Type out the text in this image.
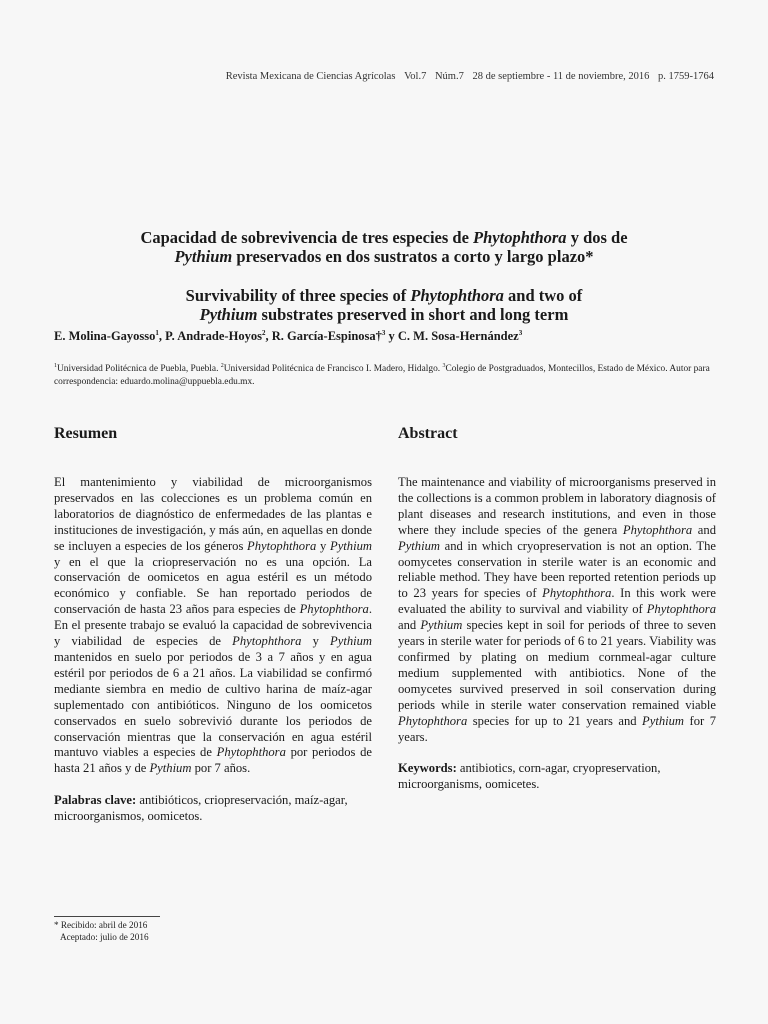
Revista Mexicana de Ciencias Agrícolas Vol.7 Núm.7 28 de septiembre - 11 de noviembre, 2016 p. 1759-1764

Capacidad de sobrevivencia de tres especies de Phytophthora y dos de

Pythium preservados en dos sustratos a corto y largo plazo*

Survivability of three species of Phytophthora and two of

Pythium substrates preserved in short and long term

E. Molina-Gayosso$^1$, P. Andrade-Hoyos$^2$, R. García-Espinosa†$^3$ y C. M. Sosa-Hernández$^3$
$^1$Universidad Politécnica de Puebla, Puebla. $^2$Universidad Politécnica de Francisco I. Madero, Hidalgo. $^3$Colegio de Postgraduados, Montecillos, Estado de México. Autor para correspondencia: eduardo.molina@uppuebla.edu.mx.
Resumen

El mantenimiento y viabilidad de microorganismos preservados en las colecciones es un problema común en laboratorios de diagnóstico de enfermedades de las plantas e instituciones de investigación, y más aún, en aquellas en donde se incluyen a especies de los géneros Phytophthora y Pythium y en el que la criopreservación no es una opción. La conservación de oomicetos en agua estéril es un método económico y confiable. Se han reportado periodos de conservación de hasta 23 años para especies de Phytophthora. En el presente trabajo se evaluó la capacidad de sobrevivencia y viabilidad de especies de Phytophthora y Pythium mantenidos en suelo por periodos de 3 a 7 años y en agua estéril por periodos de 6 a 21 años. La viabilidad se confirmó mediante siembra en medio de cultivo harina de maíz-agar suplementado con antibióticos. Ninguno de los oomicetos conservados en suelo sobrevivió durante los periodos de conservación mientras que la conservación en agua estéril mantuvo viables a especies de Phytophthora por periodos de hasta 21 años y de Pythium por 7 años.

Palabras clave: antibióticos, criopreservación, maíz-agar, microorganismos, oomicetos.
Abstract

The maintenance and viability of microorganisms preserved in the collections is a common problem in laboratory diagnosis of plant diseases and research institutions, and even in those where they include species of the genera Phytophthora and Pythium and in which cryopreservation is not an option. The oomycetes conservation in sterile water is an economic and reliable method. They have been reported retention periods up to 23 years for species of Phytophthora. In this work were evaluated the ability to survival and viability of Phytophthora and Pythium species kept in soil for periods of three to seven years in sterile water for periods of 6 to 21 years. Viability was confirmed by plating on medium cornmeal-agar culture medium supplemented with antibiotics. None of the oomycetes survived preserved in soil conservation during periods while in sterile water conservation remained viable Phytophthora species for up to 21 years and Pythium for 7 years.

Keywords: antibiotics, corn-agar, cryopreservation, microorganisms, oomicetes.
* Recibido: abril de 2016
Aceptado: julio de 2016
